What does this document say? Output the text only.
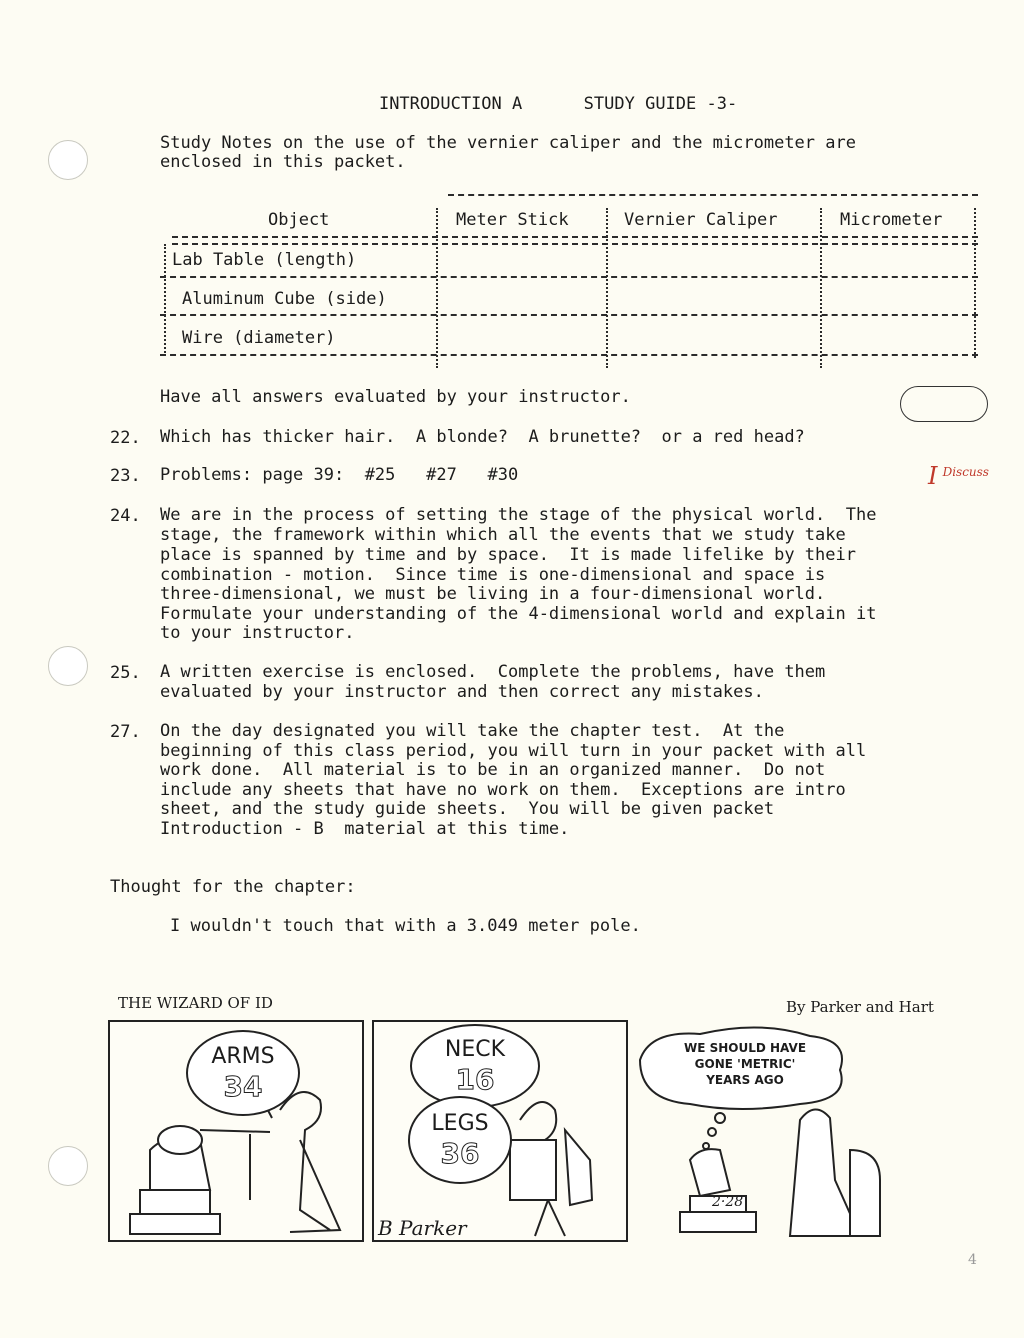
INTRODUCTION A	STUDY GUIDE -3-

Study Notes on the use of the vernier caliper and the micrometer are
enclosed in this packet.
Object	Meter Stick	Vernier Caliper	Micrometer
Lab Table (length)
Aluminum Cube (side)
Wire (diameter)
Have all answers evaluated by your instructor.
22. Which has thicker hair.  A blonde?  A brunette?  or a red head?
23. Problems: page 39:  #25   #27   #30	I $^{Discuss}$
24. We are in the process of setting the stage of the physical world.  The
stage, the framework within which all the events that we study take
place is spanned by time and by space.  It is made lifelike by their
combination - motion.  Since time is one-dimensional and space is
three-dimensional, we must be living in a four-dimensional world.
Formulate your understanding of the 4-dimensional world and explain it
to your instructor.
25. A written exercise is enclosed.  Complete the problems, have them
evaluated by your instructor and then correct any mistakes.
27. On the day designated you will take the chapter test.  At the
beginning of this class period, you will turn in your packet with all
work done.  All material is to be in an organized manner.  Do not
include any sheets that have no work on them.  Exceptions are intro
sheet, and the study guide sheets.  You will be given packet
Introduction - B  material at this time.
Thought for the chapter:
I wouldn't touch that with a 3.049 meter pole.
THE WIZARD OF ID	By Parker and Hart
ARMS
34
NECK
16
LEGS
36
WE SHOULD HAVE
GONE 'METRIC'
YEARS AGO
B Parker
2·28
4
